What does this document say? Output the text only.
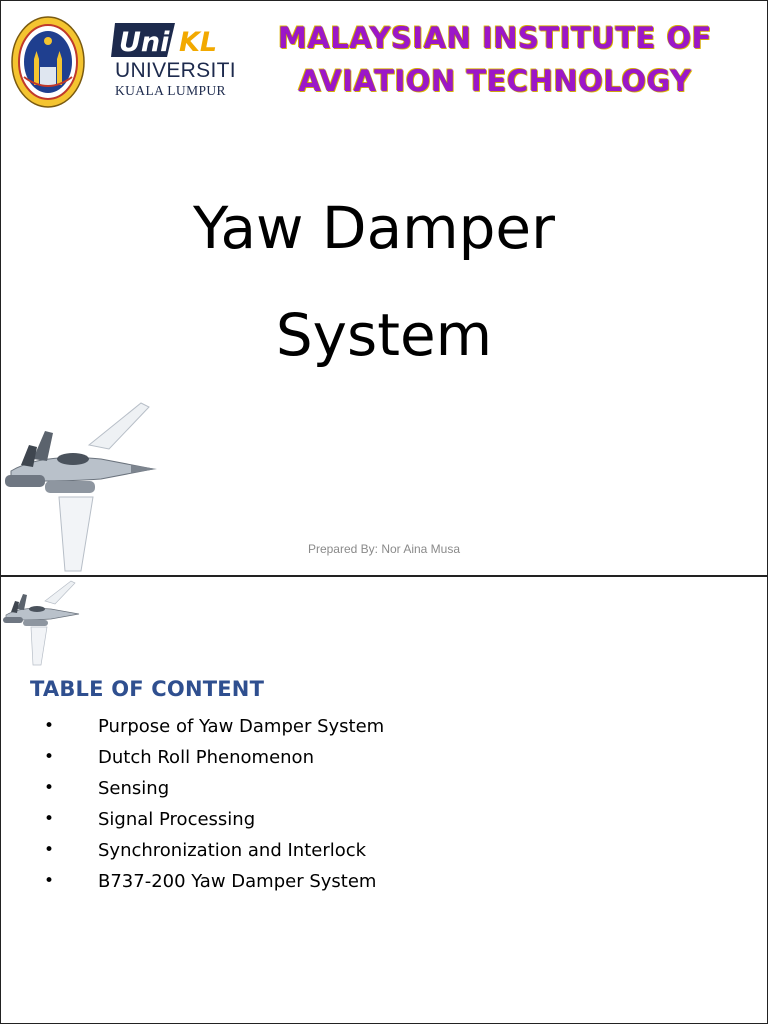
Uni KL
UNIVERSITI
KUALA LUMPUR
MALAYSIAN INSTITUTE OF
AVIATION TECHNOLOGY
Yaw Damper
System
Prepared By: Nor Aina Musa
TABLE OF CONTENT
• Purpose of Yaw Damper System
• Dutch Roll Phenomenon
• Sensing
• Signal Processing
• Synchronization and Interlock
• B737-200 Yaw Damper System
